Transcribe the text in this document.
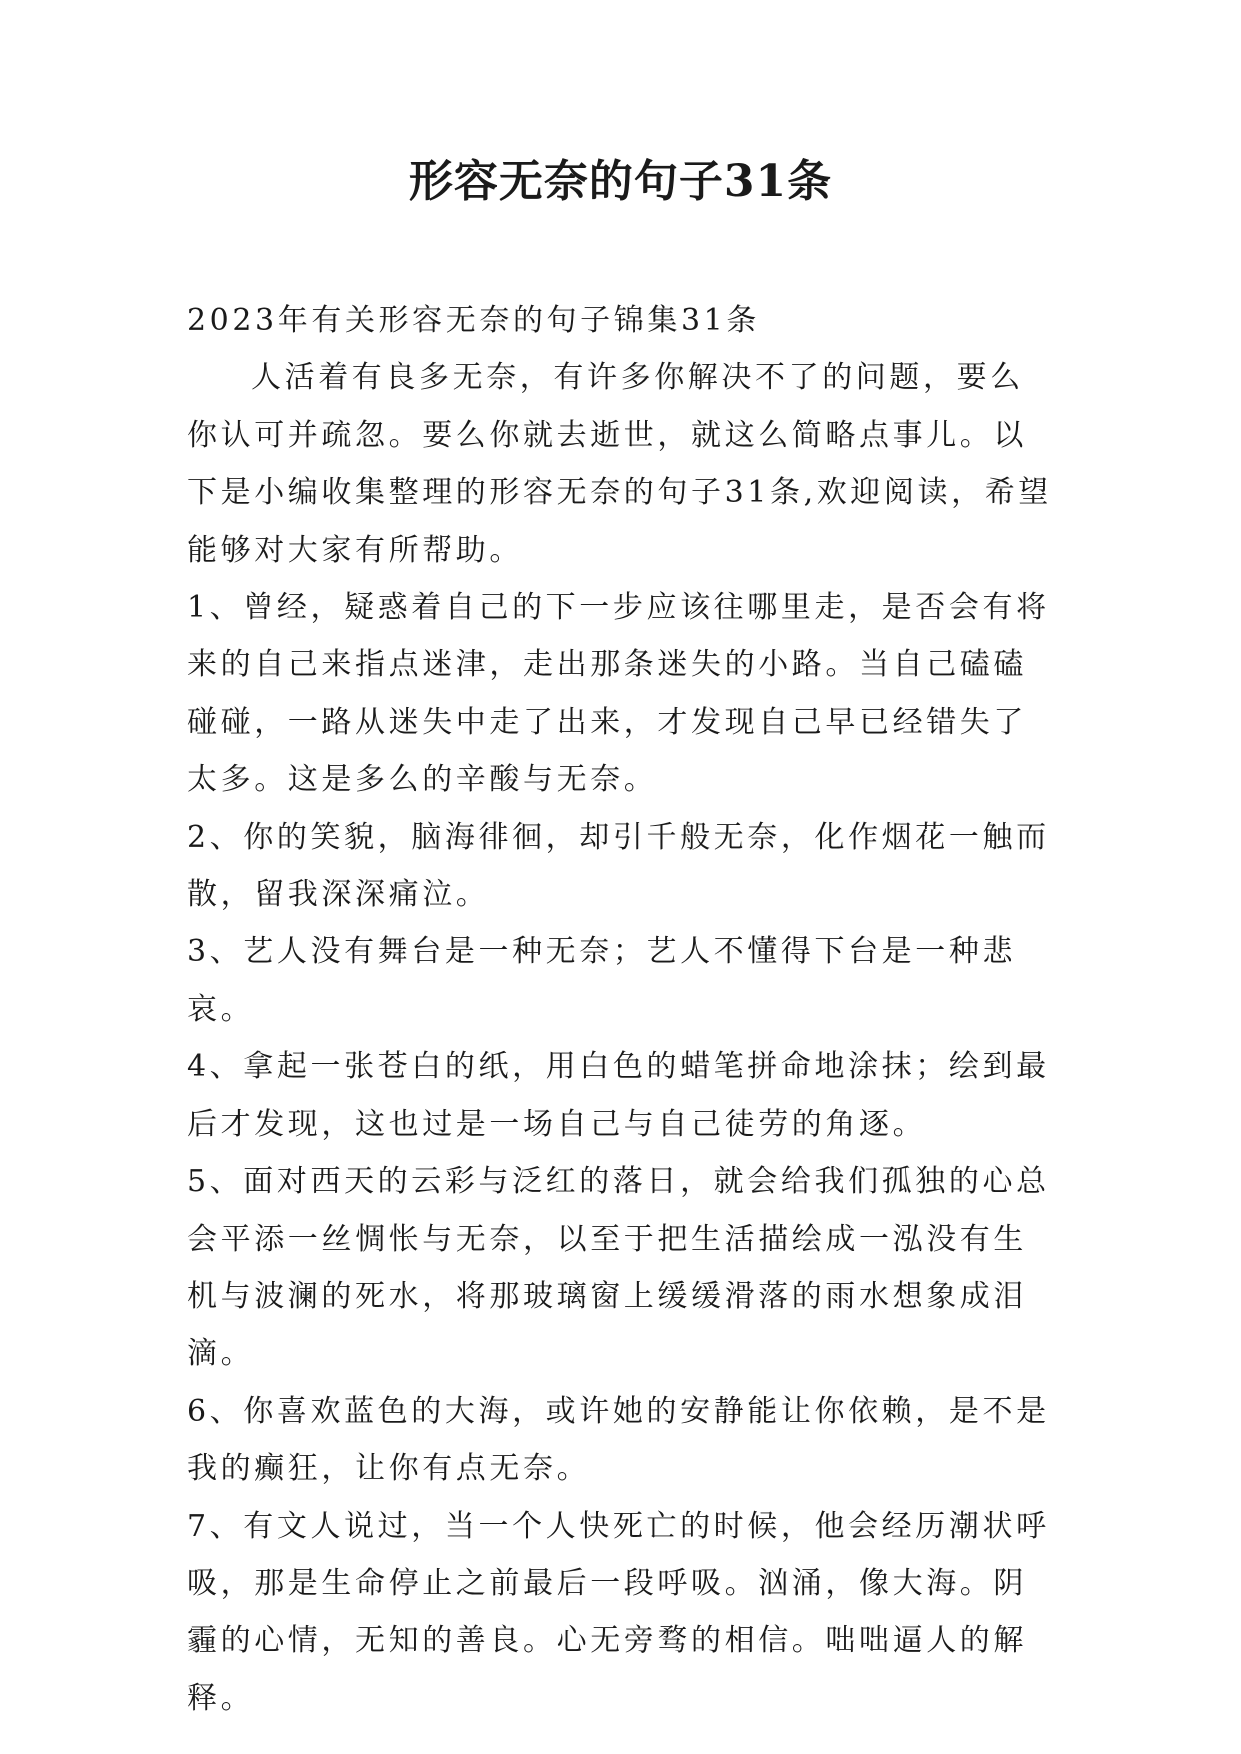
形容无奈的句子31条

2023年有关形容无奈的句子锦集31条

人活着有良多无奈，有许多你解决不了的问题，要么你认可并疏忽。要么你就去逝世，就这么简略点事儿。以下是小编收集整理的形容无奈的句子31条,欢迎阅读，希望能够对大家有所帮助。

1、曾经，疑惑着自己的下一步应该往哪里走，是否会有将来的自己来指点迷津，走出那条迷失的小路。当自己磕磕碰碰，一路从迷失中走了出来，才发现自己早已经错失了太多。这是多么的辛酸与无奈。

2、你的笑貌，脑海徘徊，却引千般无奈，化作烟花一触而散，留我深深痛泣。

3、艺人没有舞台是一种无奈；艺人不懂得下台是一种悲哀。

4、拿起一张苍白的纸，用白色的蜡笔拼命地涂抹；绘到最后才发现，这也过是一场自己与自己徒劳的角逐。

5、面对西天的云彩与泛红的落日，就会给我们孤独的心总会平添一丝惆怅与无奈，以至于把生活描绘成一泓没有生机与波澜的死水，将那玻璃窗上缓缓滑落的雨水想象成泪滴。

6、你喜欢蓝色的大海，或许她的安静能让你依赖，是不是我的癫狂，让你有点无奈。

7、有文人说过，当一个人快死亡的时候，他会经历潮状呼吸，那是生命停止之前最后一段呼吸。汹涌，像大海。阴霾的心情，无知的善良。心无旁骛的相信。咄咄逼人的解释。
